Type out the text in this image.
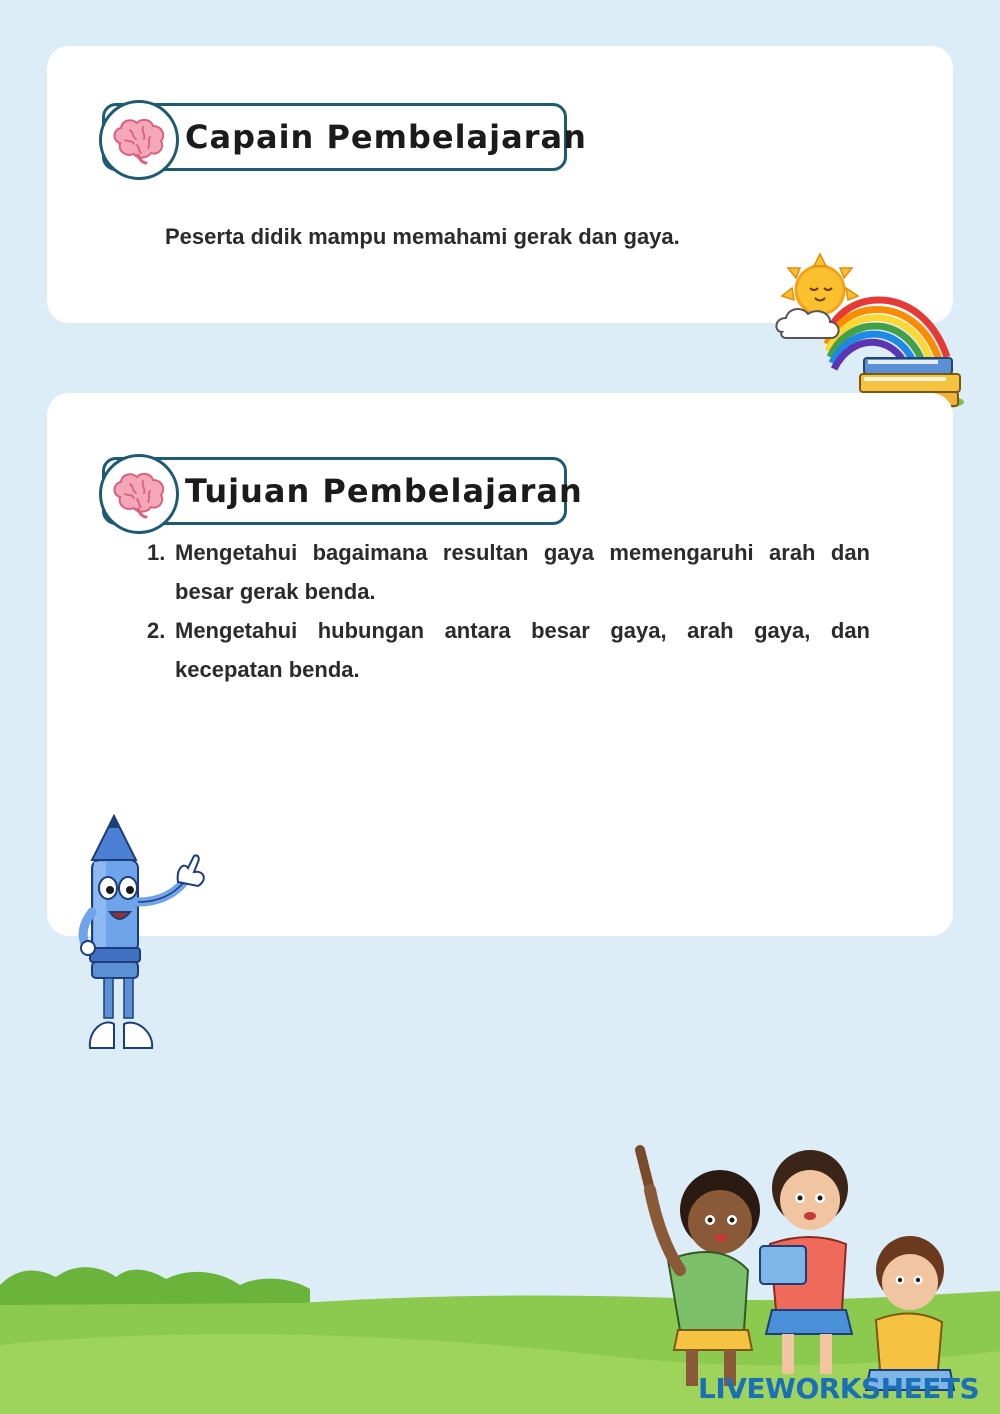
Capain Pembelajaran
Peserta didik mampu memahami gerak dan gaya.
Tujuan Pembelajaran
1. Mengetahui bagaimana resultan gaya memengaruhi arah dan besar gerak benda.
2. Mengetahui hubungan antara besar gaya, arah gaya, dan kecepatan benda.
LIVEWORKSHEETS
